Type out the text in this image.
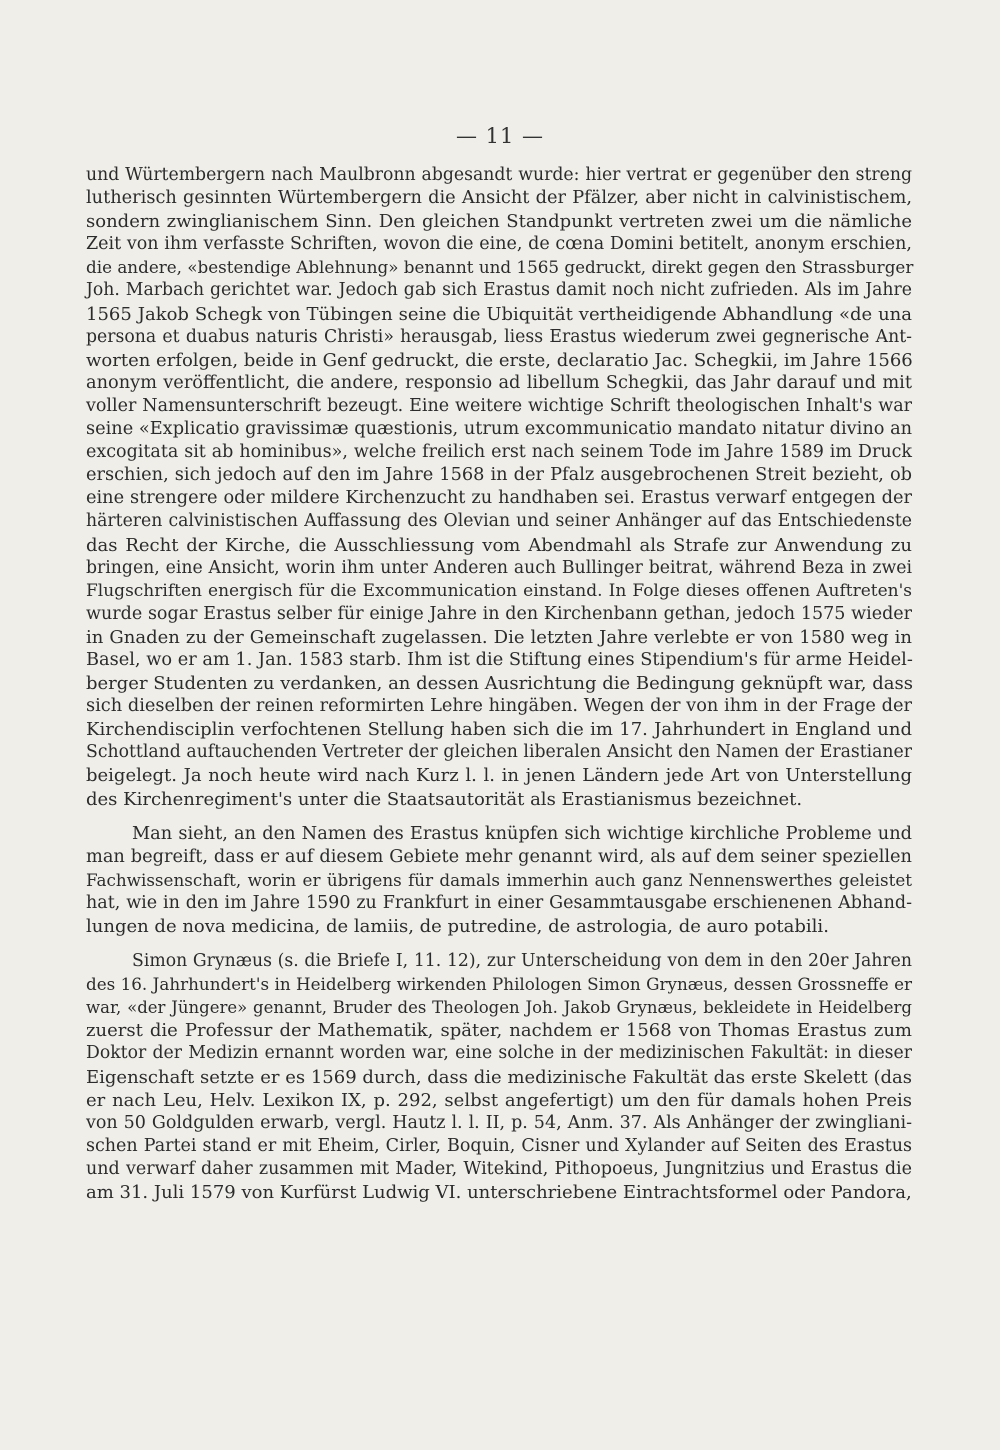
— 11 —
und Würtembergern nach Maulbronn abgesandt wurde: hier vertrat er gegenüber den streng
lutherisch gesinnten Würtembergern die Ansicht der Pfälzer, aber nicht in calvinistischem,
sondern zwinglianischem Sinn. Den gleichen Standpunkt vertreten zwei um die nämliche
Zeit von ihm verfasste Schriften, wovon die eine, de cœna Domini betitelt, anonym erschien,
die andere, «bestendige Ablehnung» benannt und 1565 gedruckt, direkt gegen den Strassburger
Joh. Marbach gerichtet war. Jedoch gab sich Erastus damit noch nicht zufrieden. Als im Jahre
1565 Jakob Schegk von Tübingen seine die Ubiquität vertheidigende Abhandlung «de una
persona et duabus naturis Christi» herausgab, liess Erastus wiederum zwei gegnerische Ant-
worten erfolgen, beide in Genf gedruckt, die erste, declaratio Jac. Schegkii, im Jahre 1566
anonym veröffentlicht, die andere, responsio ad libellum Schegkii, das Jahr darauf und mit
voller Namensunterschrift bezeugt. Eine weitere wichtige Schrift theologischen Inhalt's war
seine «Explicatio gravissimæ quæstionis, utrum excommunicatio mandato nitatur divino an
excogitata sit ab hominibus», welche freilich erst nach seinem Tode im Jahre 1589 im Druck
erschien, sich jedoch auf den im Jahre 1568 in der Pfalz ausgebrochenen Streit bezieht, ob
eine strengere oder mildere Kirchenzucht zu handhaben sei. Erastus verwarf entgegen der
härteren calvinistischen Auffassung des Olevian und seiner Anhänger auf das Entschiedenste
das Recht der Kirche, die Ausschliessung vom Abendmahl als Strafe zur Anwendung zu
bringen, eine Ansicht, worin ihm unter Anderen auch Bullinger beitrat, während Beza in zwei
Flugschriften energisch für die Excommunication einstand. In Folge dieses offenen Auftreten's
wurde sogar Erastus selber für einige Jahre in den Kirchenbann gethan, jedoch 1575 wieder
in Gnaden zu der Gemeinschaft zugelassen. Die letzten Jahre verlebte er von 1580 weg in
Basel, wo er am 1. Jan. 1583 starb. Ihm ist die Stiftung eines Stipendium's für arme Heidel-
berger Studenten zu verdanken, an dessen Ausrichtung die Bedingung geknüpft war, dass
sich dieselben der reinen reformirten Lehre hingäben. Wegen der von ihm in der Frage der
Kirchendisciplin verfochtenen Stellung haben sich die im 17. Jahrhundert in England und
Schottland auftauchenden Vertreter der gleichen liberalen Ansicht den Namen der Erastianer
beigelegt. Ja noch heute wird nach Kurz l. l. in jenen Ländern jede Art von Unterstellung
des Kirchenregiment's unter die Staatsautorität als Erastianismus bezeichnet.
Man sieht, an den Namen des Erastus knüpfen sich wichtige kirchliche Probleme und
man begreift, dass er auf diesem Gebiete mehr genannt wird, als auf dem seiner speziellen
Fachwissenschaft, worin er übrigens für damals immerhin auch ganz Nennenswerthes geleistet
hat, wie in den im Jahre 1590 zu Frankfurt in einer Gesammtausgabe erschienenen Abhand-
lungen de nova medicina, de lamiis, de putredine, de astrologia, de auro potabili.
Simon Grynæus (s. die Briefe I, 11. 12), zur Unterscheidung von dem in den 20er Jahren
des 16. Jahrhundert's in Heidelberg wirkenden Philologen Simon Grynæus, dessen Grossneffe er
war, «der Jüngere» genannt, Bruder des Theologen Joh. Jakob Grynæus, bekleidete in Heidelberg
zuerst die Professur der Mathematik, später, nachdem er 1568 von Thomas Erastus zum
Doktor der Medizin ernannt worden war, eine solche in der medizinischen Fakultät: in dieser
Eigenschaft setzte er es 1569 durch, dass die medizinische Fakultät das erste Skelett (das
er nach Leu, Helv. Lexikon IX, p. 292, selbst angefertigt) um den für damals hohen Preis
von 50 Goldgulden erwarb, vergl. Hautz l. l. II, p. 54, Anm. 37. Als Anhänger der zwingliani-
schen Partei stand er mit Eheim, Cirler, Boquin, Cisner und Xylander auf Seiten des Erastus
und verwarf daher zusammen mit Mader, Witekind, Pithopoeus, Jungnitzius und Erastus die
am 31. Juli 1579 von Kurfürst Ludwig VI. unterschriebene Eintrachtsformel oder Pandora,
